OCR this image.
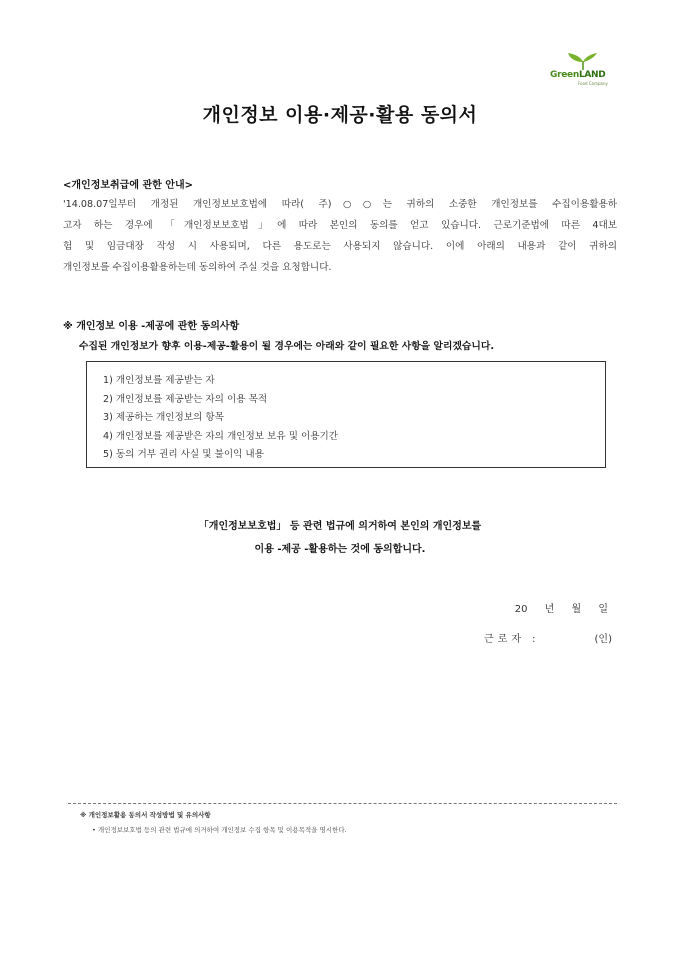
GreenLAND
Food Company
개인정보 이용·제공·활용 동의서
<개인정보취급에 관한 안내>
'14.08.07일부터 개정된 개인정보보호법에 따라( 주)○○는 귀하의 소중한 개인정보를 수집이용활용하
고자 하는 경우에 「개인정보보호법」에 따라 본인의 동의를 얻고 있습니다. 근로기준법에 따른 4대보
험 및 임금대장 작성 시 사용되며, 다른 용도로는 사용되지 않습니다. 이에 아래의 내용과 같이 귀하의
개인정보를 수집이용활용하는데 동의하여 주실 것을 요청합니다.
※ 개인정보 이용 -제공에 관한 동의사항
수집된 개인정보가 향후 이용-제공-활용이 될 경우에는 아래와 같이 필요한 사항을 알리겠습니다.
1) 개인정보를 제공받는 자
2) 개인정보를 제공받는 자의 이용 목적
3) 제공하는 개인정보의 항목
4) 개인정보를 제공받은 자의 개인정보 보유 및 이용기간
5) 동의 거부 권리 사실 및 불이익 내용
「개인정보보호법」 등 관련 법규에 의거하여 본인의 개인정보를
이용 -제공 -활용하는 것에 동의합니다.
20 년 월 일
근로자 :	(인)
※ 개인정보활용 동의서 작성방법 및 유의사항
• 개인정보보호법 등의 관련 법규에 의거하여 개인정보 수집 항목 및 이용목적을 명시한다.
